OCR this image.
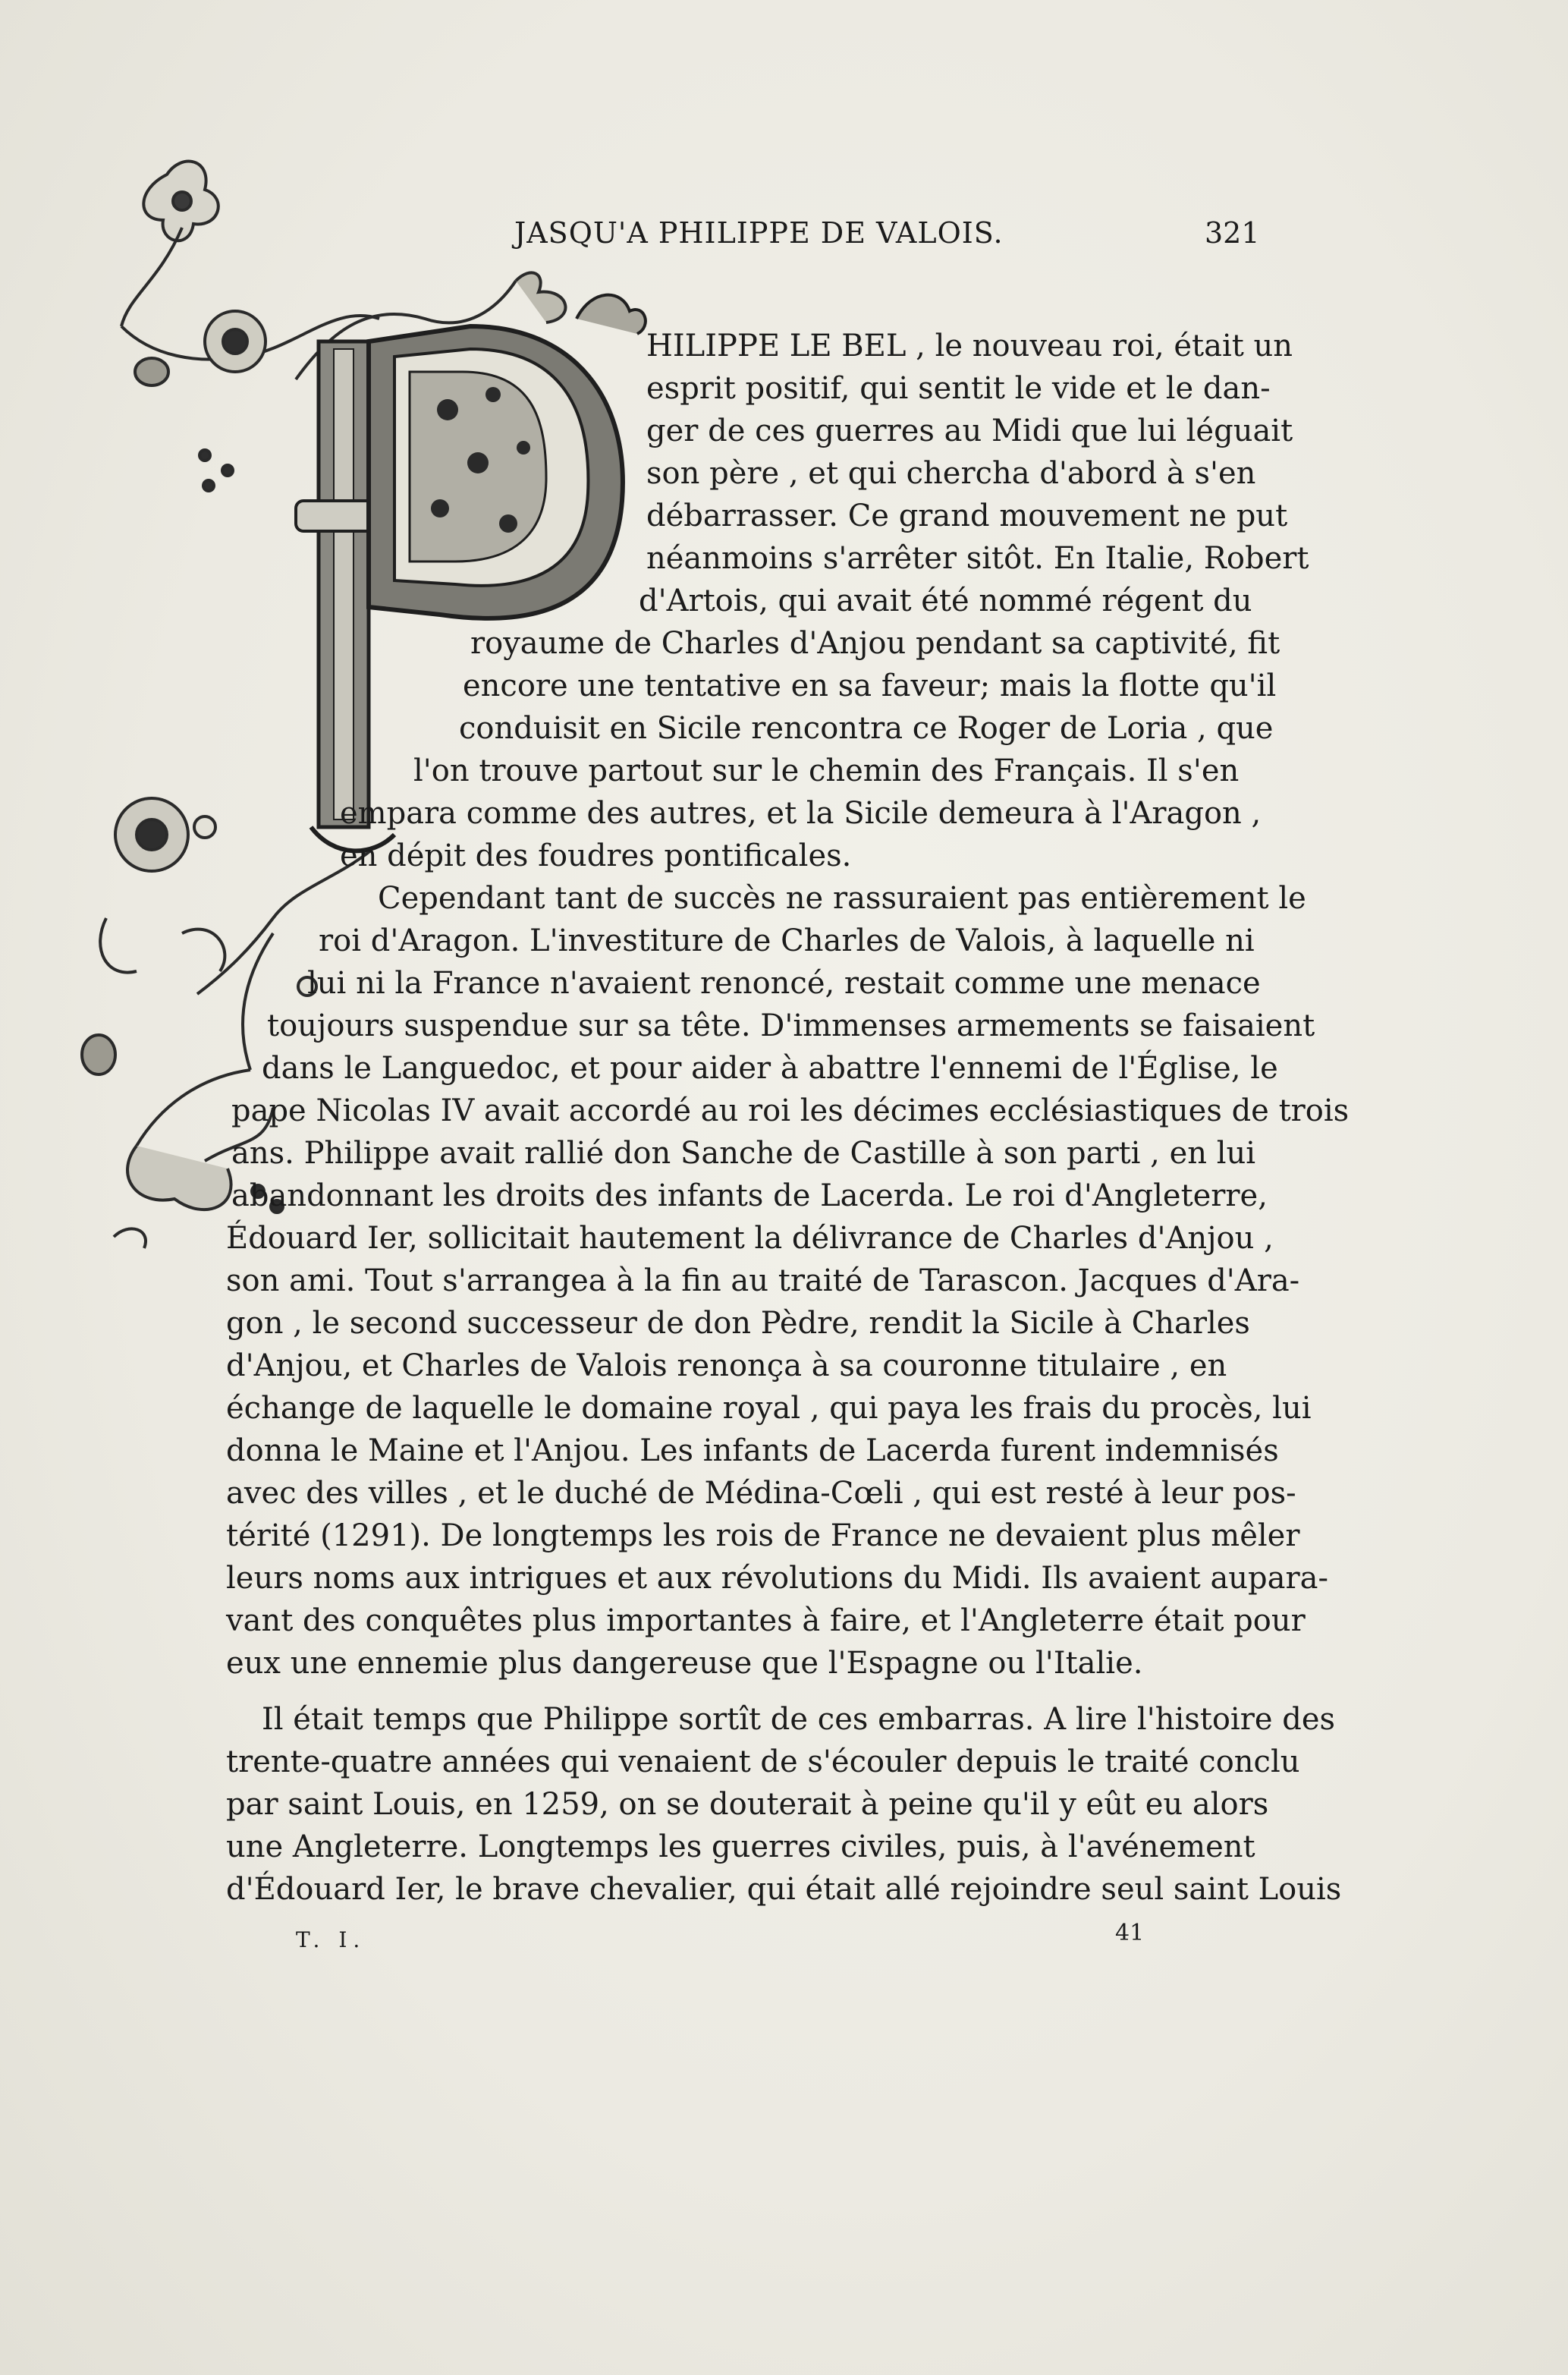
JASQU'A PHILIPPE DE VALOIS.	321
HILIPPE LE BEL , le nouveau roi, était un
esprit positif, qui sentit le vide et le dan-
ger de ces guerres au Midi que lui léguait
son père , et qui chercha d'abord à s'en
débarrasser. Ce grand mouvement ne put
néanmoins s'arrêter sitôt. En Italie, Robert
d'Artois, qui avait été nommé régent du
royaume de Charles d'Anjou pendant sa captivité, fit
encore une tentative en sa faveur; mais la flotte qu'il
conduisit en Sicile rencontra ce Roger de Loria , que
l'on trouve partout sur le chemin des Français. Il s'en
empara comme des autres, et la Sicile demeura à l'Aragon ,
en dépit des foudres pontificales.
Cependant tant de succès ne rassuraient pas entièrement le
roi d'Aragon. L'investiture de Charles de Valois, à laquelle ni
lui ni la France n'avaient renoncé, restait comme une menace
toujours suspendue sur sa tête. D'immenses armements se faisaient
dans le Languedoc, et pour aider à abattre l'ennemi de l'Église, le
pape Nicolas IV avait accordé au roi les décimes ecclésiastiques de trois
ans. Philippe avait rallié don Sanche de Castille à son parti , en lui
abandonnant les droits des infants de Lacerda. Le roi d'Angleterre,
Édouard Ier, sollicitait hautement la délivrance de Charles d'Anjou ,
son ami. Tout s'arrangea à la fin au traité de Tarascon. Jacques d'Ara-
gon , le second successeur de don Pèdre, rendit la Sicile à Charles
d'Anjou, et Charles de Valois renonça à sa couronne titulaire , en
échange de laquelle le domaine royal , qui paya les frais du procès, lui
donna le Maine et l'Anjou. Les infants de Lacerda furent indemnisés
avec des villes , et le duché de Médina-Cœli , qui est resté à leur pos-
térité (1291). De longtemps les rois de France ne devaient plus mêler
leurs noms aux intrigues et aux révolutions du Midi. Ils avaient aupara-
vant des conquêtes plus importantes à faire, et l'Angleterre était pour
eux une ennemie plus dangereuse que l'Espagne ou l'Italie.
Il était temps que Philippe sortît de ces embarras. A lire l'histoire des
trente-quatre années qui venaient de s'écouler depuis le traité conclu
par saint Louis, en 1259, on se douterait à peine qu'il y eût eu alors
une Angleterre. Longtemps les guerres civiles, puis, à l'avénement
d'Édouard Ier, le brave chevalier, qui était allé rejoindre seul saint Louis
T. I.	41
